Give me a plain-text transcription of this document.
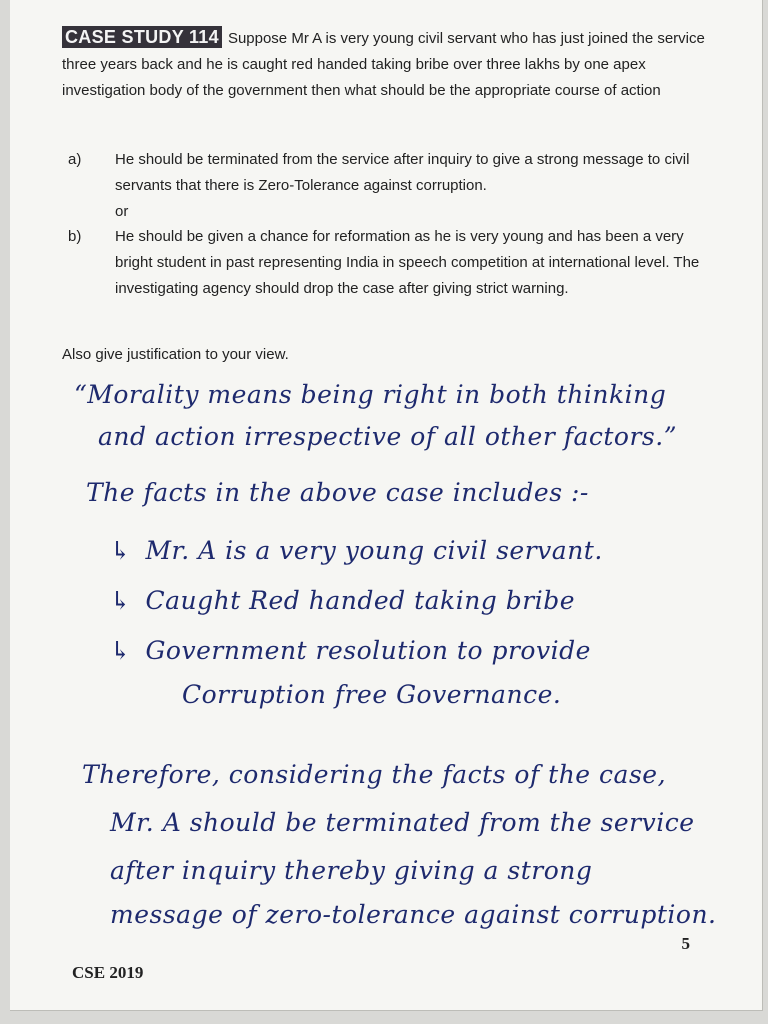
CASE STUDY 114 Suppose Mr A is very young civil servant who has just joined the service three years back and he is caught red handed taking bribe over three lakhs by one apex investigation body of the government then what should be the appropriate course of action
a) He should be terminated from the service after inquiry to give a strong message to civil servants that there is Zero-Tolerance against corruption.
or
b) He should be given a chance for reformation as he is very young and has been a very bright student in past representing India in speech competition at international level. The investigating agency should drop the case after giving strict warning.
Also give justification to your view.
“Morality means being right in both thinking
and action irrespective of all other factors.”
The facts in the above case includes :-
↳ Mr. A is a very young civil servant.
↳ Caught Red handed taking bribe
↳ Government resolution to provide
Corruption free Governance.
Therefore, considering the facts of the case,
Mr. A should be terminated from the service
after inquiry thereby giving a strong
message of zero-tolerance against corruption.
5
CSE 2019
